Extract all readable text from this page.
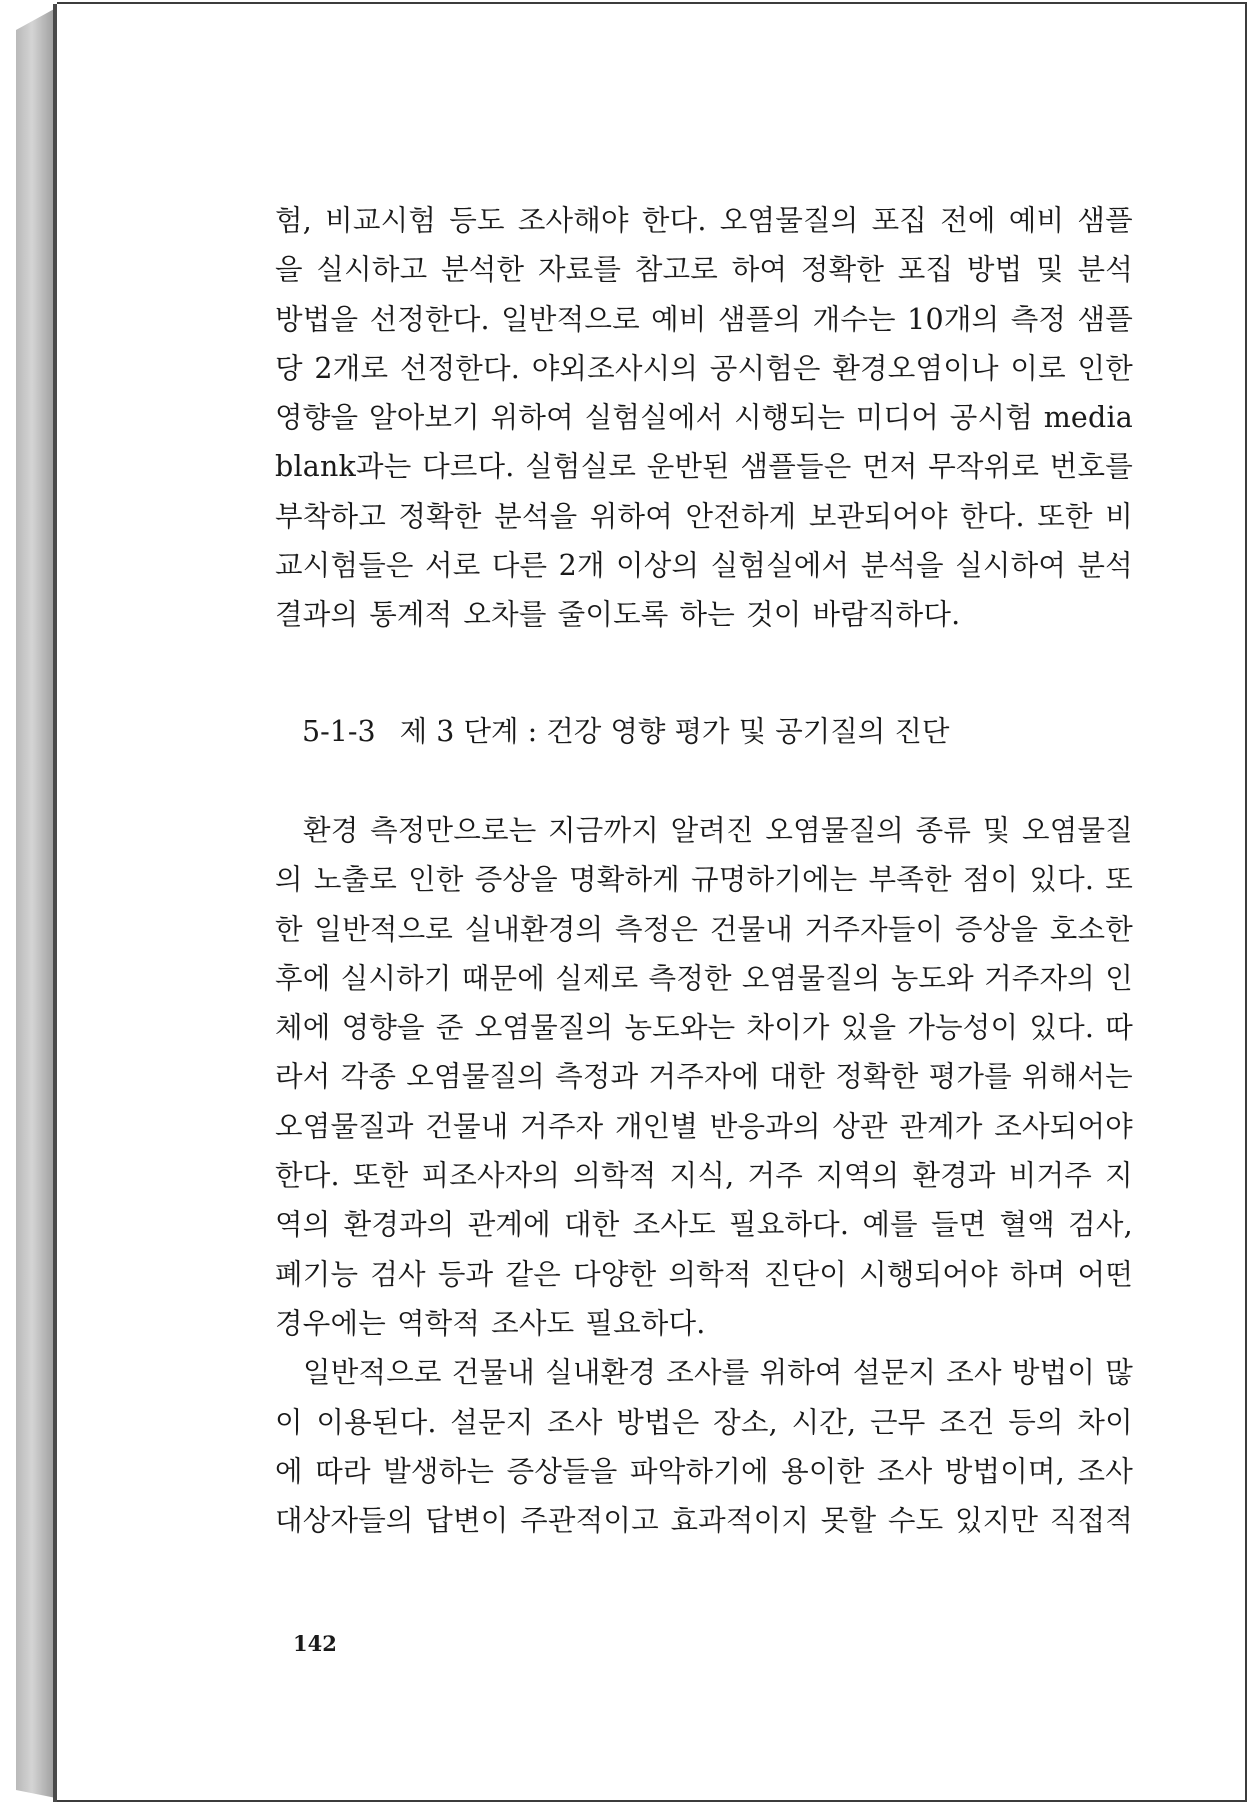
험, 비교시험 등도 조사해야 한다. 오염물질의 포집 전에 예비 샘플
을 실시하고 분석한 자료를 참고로 하여 정확한 포집 방법 및 분석
방법을 선정한다. 일반적으로 예비 샘플의 개수는 10개의 측정 샘플
당 2개로 선정한다. 야외조사시의 공시험은 환경오염이나 이로 인한
영향을 알아보기 위하여 실험실에서 시행되는 미디어 공시험 media
blank과는 다르다. 실험실로 운반된 샘플들은 먼저 무작위로 번호를
부착하고 정확한 분석을 위하여 안전하게 보관되어야 한다. 또한 비
교시험들은 서로 다른 2개 이상의 실험실에서 분석을 실시하여 분석
결과의 통계적 오차를 줄이도록 하는 것이 바람직하다.
5-1-3 제 3 단계 : 건강 영향 평가 및 공기질의 진단
환경 측정만으로는 지금까지 알려진 오염물질의 종류 및 오염물질
의 노출로 인한 증상을 명확하게 규명하기에는 부족한 점이 있다. 또
한 일반적으로 실내환경의 측정은 건물내 거주자들이 증상을 호소한
후에 실시하기 때문에 실제로 측정한 오염물질의 농도와 거주자의 인
체에 영향을 준 오염물질의 농도와는 차이가 있을 가능성이 있다. 따
라서 각종 오염물질의 측정과 거주자에 대한 정확한 평가를 위해서는
오염물질과 건물내 거주자 개인별 반응과의 상관 관계가 조사되어야
한다. 또한 피조사자의 의학적 지식, 거주 지역의 환경과 비거주 지
역의 환경과의 관계에 대한 조사도 필요하다. 예를 들면 혈액 검사,
폐기능 검사 등과 같은 다양한 의학적 진단이 시행되어야 하며 어떤
경우에는 역학적 조사도 필요하다.
일반적으로 건물내 실내환경 조사를 위하여 설문지 조사 방법이 많
이 이용된다. 설문지 조사 방법은 장소, 시간, 근무 조건 등의 차이
에 따라 발생하는 증상들을 파악하기에 용이한 조사 방법이며, 조사
대상자들의 답변이 주관적이고 효과적이지 못할 수도 있지만 직접적
142
